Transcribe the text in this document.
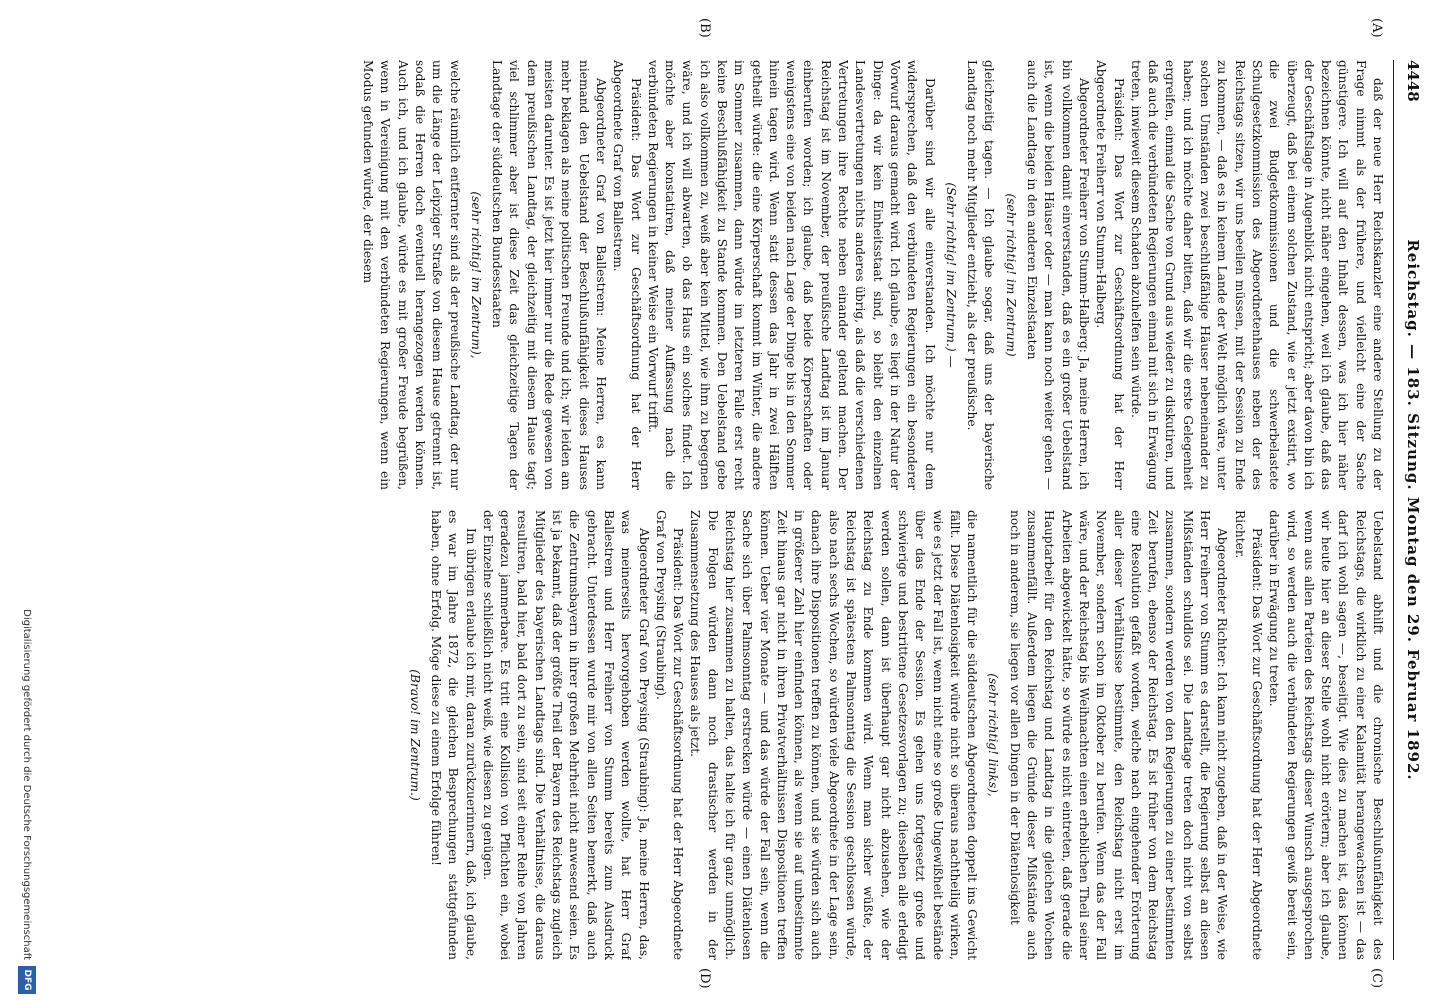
4448
Reichstag. — 183. Sitzung. Montag den 29. Februar 1892.
(A)
(B)
(C)
(D)

daß der neue Herr Reichskanzler eine andere Stellung zu der Frage nimmt als der frühere, und vielleicht eine der Sache günstigere. Ich will auf den Inhalt dessen, was ich hier näher bezeichnen könnte, nicht näher eingehen, weil ich glaube, daß das der Geschäftslage in Augenblick nicht entspricht; aber davon bin ich überzeugt, daß bei einem solchen Zustand, wie er jetzt existirt, wo die zwei Budgetkommissionen und die schwerbelastete Schulgesetzkommission des Abgeordnetenhauses neben der des Reichstags sitzen, wir uns beeilen müssen, mit der Session zu Ende zu kommen, — daß es in keinem Lande der Welt möglich wäre, unter solchen Umständen zwei beschlußfähige Häuser nebeneinander zu haben; und ich möchte daher bitten, daß wir die erste Gelegenheit ergreifen, einmal die Sache von Grund aus wieder zu diskutiren, und daß auch die verbündeten Regierungen einmal mit sich in Erwägung treten, inwieweit diesem Schaden abzuhelfen sein würde.

Präsident: Das Wort zur Geschäftsordnung hat der Herr Abgeordnete Freiherr von Stumm-Halberg.

Abgeordneter Freiherr von Stumm-Halberg: Ja, meine Herren, ich bin vollkommen damit einverstanden, daß es ein großer Uebelstand ist, wenn die beiden Häuser oder — man kann noch weiter gehen — auch die Landtage in den anderen Einzelstaaten

(sehr richtig! im Zentrum)

gleichzeitig tagen. — Ich glaube sogar, daß uns der bayerische Landtag noch mehr Mitglieder entzieht, als der preußische.

(Sehr richtig! im Zentrum.) —

Darüber sind wir alle einverstanden. Ich möchte nur dem widersprechen, daß den verbündeten Regierungen ein besonderer Vorwurf daraus gemacht wird. Ich glaube, es liegt in der Natur der Dinge: da wir kein Einheitsstaat sind, so bleibt den einzelnen Landesvertretungen nichts anderes übrig, als daß die verschiedenen Vertretungen ihre Rechte neben einander geltend machen. Der Reichstag ist im November, der preußische Landtag ist im Januar einberufen worden; ich glaube, daß beide Körperschaften oder wenigstens eine von beiden nach Lage der Dinge bis in den Sommer hinein tagen wird. Wenn statt dessen das Jahr in zwei Hälften getheilt würde: die eine Körperschaft kommt im Winter, die andere im Sommer zusammen, dann würde im letzteren Falle erst recht keine Beschlußfähigkeit zu Stande kommen. Den Uebelstand gebe ich also vollkommen zu, weiß aber kein Mittel, wie ihm zu begegnen wäre, und ich will abwarten, ob das Haus ein solches findet. Ich möchte aber konstatiren, daß meiner Auffassung nach die verbündeten Regierungen in keiner Weise ein Vorwurf trifft.

Präsident: Das Wort zur Geschäftsordnung hat der Herr Abgeordnete Graf von Ballestrem.

Abgeordneter Graf von Ballestrem: Meine Herren, es kann niemand den Uebelstand der Beschlußunfähigkeit dieses Hauses mehr beklagen als meine politischen Freunde und ich; wir leiden am meisten darunter. Es ist jetzt hier immer nur die Rede gewesen von dem preußischen Landtag, der gleichzeitig mit diesem Hause tagt; viel schlimmer aber ist diese Zeit das gleichzeitige Tagen der Landtage der süddeutschen Bundesstaaten

(sehr richtig! im Zentrum),

welche räumlich entfernter sind als der preußische Landtag, der nur um die Länge der Leipziger Straße von diesem Hause getrennt ist, sodaß die Herren doch eventuell herangezogen werden können. Auch ich, und ich glaube, würde es mit großer Freude begrüßen, wenn in Vereinigung mit den verbündeten Regierungen, wenn ein Modus gefunden würde, der diesem

Uebelstand abhilft und die chronische Beschlußunfähigkeit des Reichstags, die wirklich zu einer Kalamität herangewachsen ist — das darf ich wohl sagen —, beseitigt. Wie dies zu machen ist, das können wir heute hier an dieser Stelle wohl nicht erörtern; aber ich glaube, wenn aus allen Parteien des Reichstags dieser Wunsch ausgesprochen wird, so werden auch die verbündeten Regierungen gewiß bereit sein, darüber in Erwägung zu treten.

Präsident: Das Wort zur Geschäftsordnung hat der Herr Abgeordnete Richter.

Abgeordneter Richter: Ich kann nicht zugeben, daß in der Weise, wie Herr Freiherr von Stumm es darstellt, die Regierung selbst an diesen Mißständen schuldlos sei. Die Landtage treten doch nicht von selbst zusammen, sondern werden von den Regierungen zu einer bestimmten Zeit berufen, ebenso der Reichstag. Es ist früher von dem Reichstag eine Resolution gefaßt worden, welche nach eingehender Erörterung aller dieser Verhältnisse bestimmte, den Reichstag nicht erst im November, sondern schon im Oktober zu berufen. Wenn das der Fall wäre, und der Reichstag bis Weihnachten einen erheblichen Theil seiner Arbeiten abgewickelt hätte, so würde es nicht eintreten, daß gerade die Hauptarbeit für den Reichstag und Landtag in die gleichen Wochen zusammenfällt. Außerdem liegen die Gründe dieser Mißstände auch noch in anderem, sie liegen vor allen Dingen in der Diätenlosigkeit

(sehr richtig! links),

die namentlich für die süddeutschen Abgeordneten doppelt ins Gewicht fällt. Diese Diätenlosigkeit würde nicht so überaus nachtheilig wirken, wie es jetzt der Fall ist, wenn nicht eine so große Ungewißheit bestände über das Ende der Session. Es gehen uns fortgesetzt große und schwierige und bestrittene Gesetzesvorlagen zu; dieselben alle erledigt werden sollen, dann ist überhaupt gar nicht abzusehen, wie der Reichstag zu Ende kommen wird. Wenn man sicher wüßte, der Reichstag ist spätestens Palmsonntag die Session geschlossen würde, also nach sechs Wochen, so würden viele Abgeordnete in der Lage sein, danach ihre Dispositionen treffen zu können, und sie würden sich auch in größerer Zahl hier einfinden können, als wenn sie auf unbestimmte Zeit hinaus gar nicht in ihren Privatverhältnissen Dispositionen treffen können. Ueber vier Monate — und das würde der Fall sein, wenn die Sache sich über Palmsonntag erstrecken würde — einen Diätenlosen Reichstag hier zusammen zu halten, das halte ich für ganz unmöglich. Die Folgen würden dann noch drastischer werden in der Zusammensetzung des Hauses als jetzt.

Präsident: Das Wort zur Geschäftsordnung hat der Herr Abgeordnete Graf von Preysing (Straubing).

Abgeordneter Graf von Preysing (Straubing): Ja, meine Herren, das, was meinerseits hervorgehoben werden wollte, hat Herr Graf Ballestrem und Herr Freiherr von Stumm bereits zum Ausdruck gebracht. Unterdessen wurde mir von allen Seiten bemerkt, daß auch die Zentrumsbayern in ihrer großen Mehrheit nicht anwesend seien. Es ist ja bekannt, daß der größte Theil der Bayern des Reichstags zugleich Mitglieder des bayerischen Landtags sind. Die Verhältnisse, die daraus resultiren, bald hier, bald dort zu sein, sind seit einer Reihe von Jahren geradezu jammerbare. Es tritt eine Kollision von Pflichten ein, wobei der Einzelne schließlich nicht weiß, wie diesen zu genügen.

Im übrigen erlaube ich mir, daran zurückzuerinnern, daß, ich glaube, es war im Jahre 1872, die gleichen Besprechungen stattgefunden haben, ohne Erfolg. Möge diese zu einem Erfolge führen!

(Bravo! im Zentrum.)

Digitalisierung gefördert durch die Deutsche Forschungsgemeinschaft
DFG
